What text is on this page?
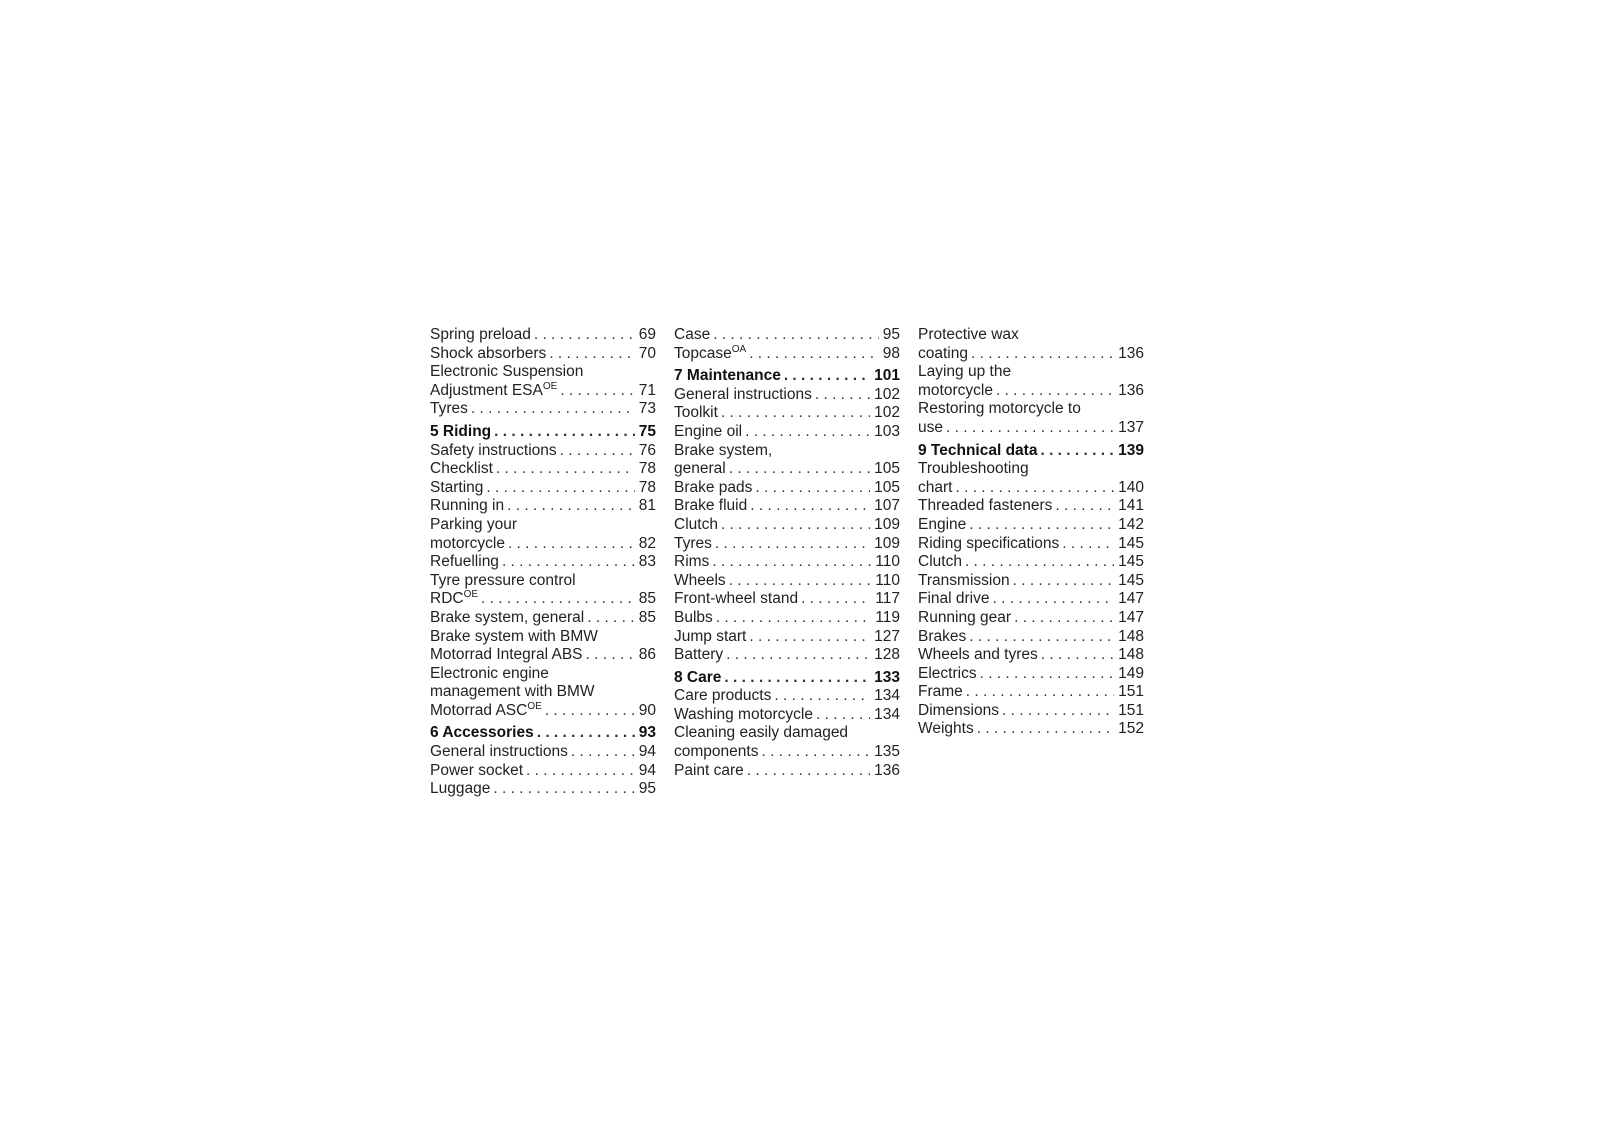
Spring preload . . .	69
Shock absorbers . . .	70
Electronic Suspension
Adjustment $ESA^{OE}$ . . .	71
Tyres . . .	73
5 Riding . . .	75
Safety instructions . . .	76
Checklist . . .	78
Starting . . .	78
Running in . . .	81
Parking your
motorcycle . . .	82
Refuelling . . .	83
Tyre pressure control
$RDC^{OE}$ . . .	85
Brake system, general . . .	85
Brake system with BMW
Motorrad Integral ABS . . .	86
Electronic engine
management with BMW
Motorrad $ASC^{OE}$ . . .	90
6 Accessories . . .	93
General instructions . . .	94
Power socket . . .	94
Luggage . . .	95
Case . . .	95
Topcase$^{OA}$ . . .	98
7 Maintenance . . .	101
General instructions . . .	102
Toolkit . . .	102
Engine oil . . .	103
Brake system,
general . . .	105
Brake pads . . .	105
Brake fluid . . .	107
Clutch . . .	109
Tyres . . .	109
Rims . . .	110
Wheels . . .	110
Front-wheel stand . . .	117
Bulbs . . .	119
Jump start . . .	127
Battery . . .	128
8 Care . . .	133
Care products . . .	134
Washing motorcycle . . .	134
Cleaning easily damaged
components . . .	135
Paint care . . .	136
Protective wax
coating . . .	136
Laying up the
motorcycle . . .	136
Restoring motorcycle to
use . . .	137
9 Technical data . . .	139
Troubleshooting
chart . . .	140
Threaded fasteners . . .	141
Engine . . .	142
Riding specifications . . .	145
Clutch . . .	145
Transmission . . .	145
Final drive . . .	147
Running gear . . .	147
Brakes . . .	148
Wheels and tyres . . .	148
Electrics . . .	149
Frame . . .	151
Dimensions . . .	151
Weights . . .	152
